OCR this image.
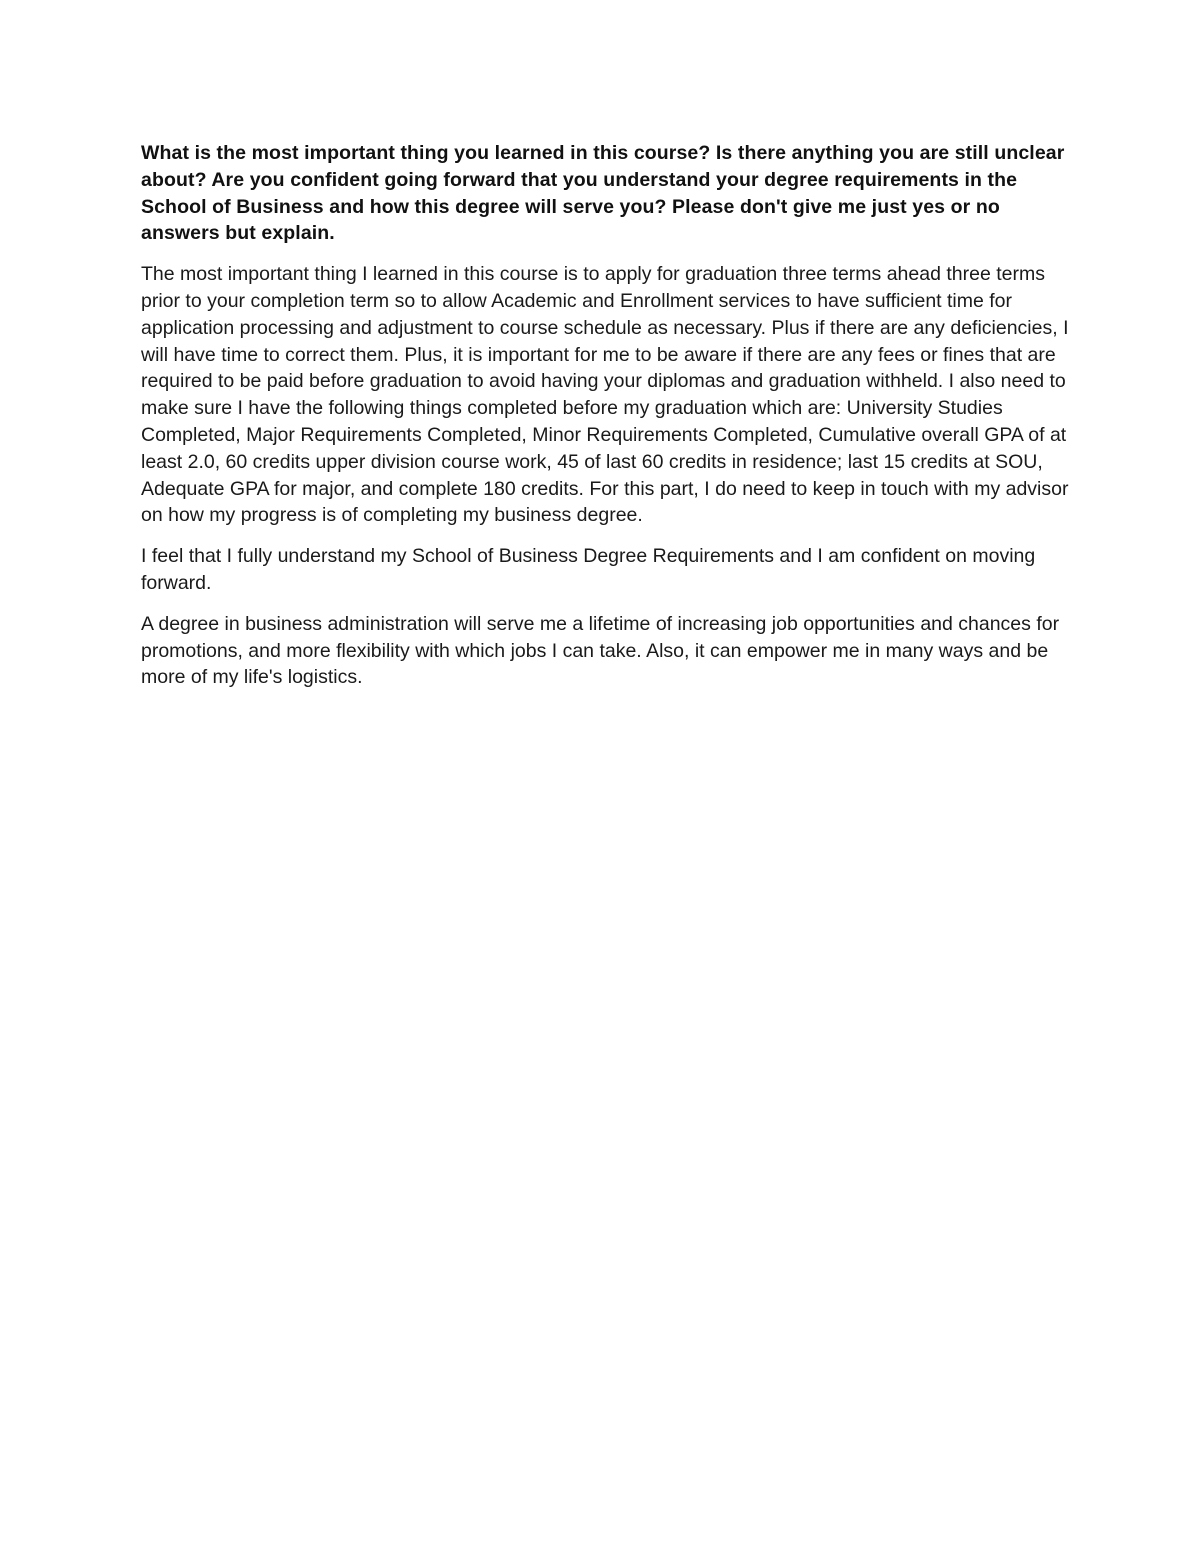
What is the most important thing you learned in this course? Is there anything you are still unclear about? Are you confident going forward that you understand your degree requirements in the School of Business and how this degree will serve you? Please don't give me just yes or no answers but explain.

The most important thing I learned in this course is to apply for graduation three terms ahead three terms prior to your completion term so to allow Academic and Enrollment services to have sufficient time for application processing and adjustment to course schedule as necessary. Plus if there are any deficiencies, I will have time to correct them. Plus, it is important for me to be aware if there are any fees or fines that are required to be paid before graduation to avoid having your diplomas and graduation withheld. I also need to make sure I have the following things completed before my graduation which are: University Studies Completed, Major Requirements Completed, Minor Requirements Completed, Cumulative overall GPA of at least 2.0, 60 credits upper division course work, 45 of last 60 credits in residence; last 15 credits at SOU, Adequate GPA for major, and complete 180 credits. For this part, I do need to keep in touch with my advisor on how my progress is of completing my business degree.

I feel that I fully understand my School of Business Degree Requirements and I am confident on moving forward.

A degree in business administration will serve me a lifetime of increasing job opportunities and chances for promotions, and more flexibility with which jobs I can take. Also, it can empower me in many ways and be more of my life's logistics.
